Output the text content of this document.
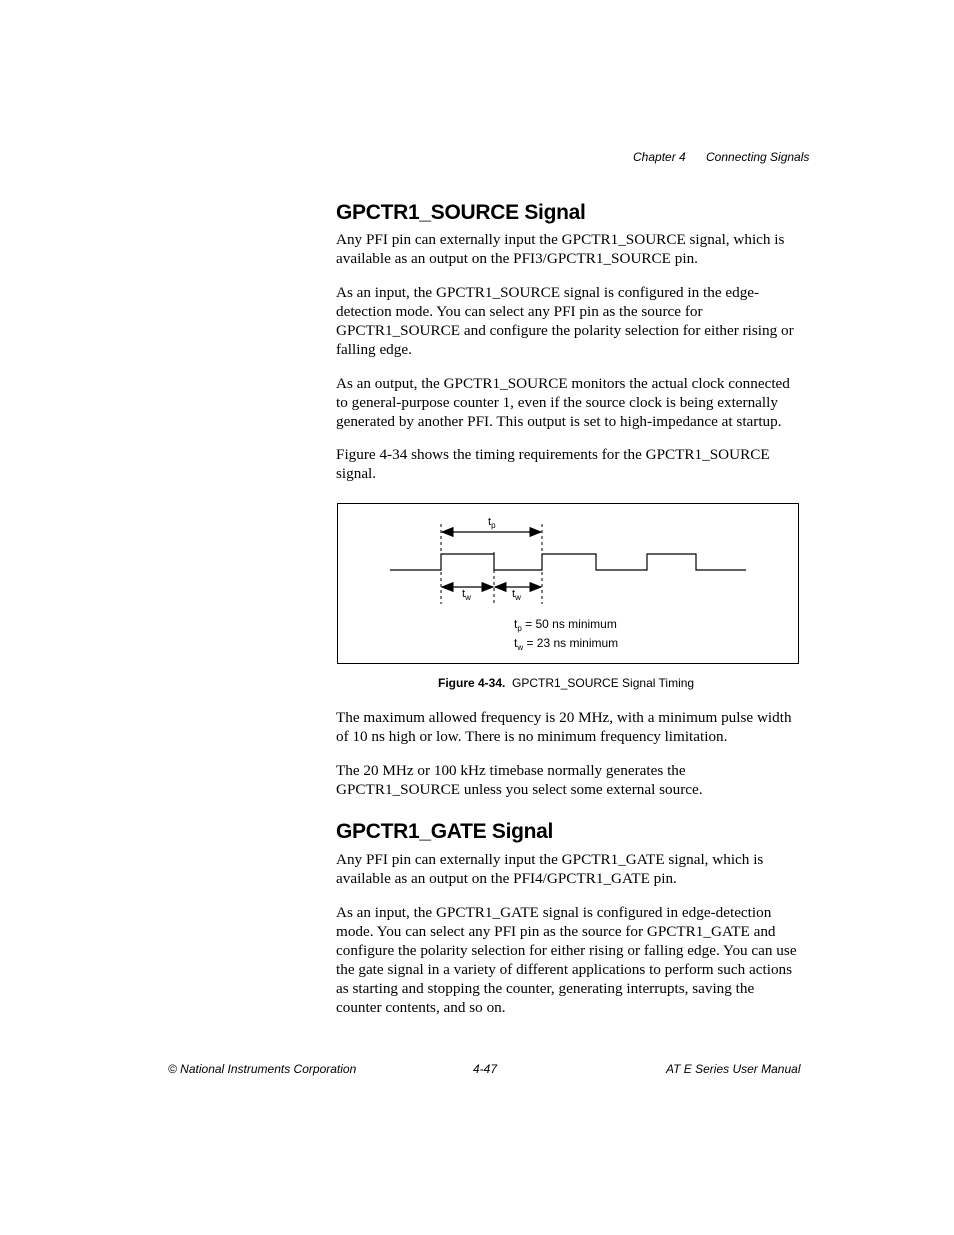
Chapter 4 Connecting Signals
GPCTR1_SOURCE Signal

Any PFI pin can externally input the GPCTR1_SOURCE signal, which is available as an output on the PFI3/GPCTR1_SOURCE pin.

As an input, the GPCTR1_SOURCE signal is configured in the edge-detection mode. You can select any PFI pin as the source for GPCTR1_SOURCE and configure the polarity selection for either rising or falling edge.

As an output, the GPCTR1_SOURCE monitors the actual clock connected to general-purpose counter 1, even if the source clock is being externally generated by another PFI. This output is set to high-impedance at startup.

Figure 4-34 shows the timing requirements for the GPCTR1_SOURCE signal.

$t_p$
$t_w$	$t_w$
$t_p = 50$ ns minimum
$t_w = 23$ ns minimum
Figure 4-34. GPCTR1_SOURCE Signal Timing

The maximum allowed frequency is 20 MHz, with a minimum pulse width of 10 ns high or low. There is no minimum frequency limitation.

The 20 MHz or 100 kHz timebase normally generates the GPCTR1_SOURCE unless you select some external source.

GPCTR1_GATE Signal

Any PFI pin can externally input the GPCTR1_GATE signal, which is available as an output on the PFI4/GPCTR1_GATE pin.

As an input, the GPCTR1_GATE signal is configured in edge-detection mode. You can select any PFI pin as the source for GPCTR1_GATE and configure the polarity selection for either rising or falling edge. You can use the gate signal in a variety of different applications to perform such actions as starting and stopping the counter, generating interrupts, saving the counter contents, and so on.

© National Instruments Corporation	4-47	AT E Series User Manual
